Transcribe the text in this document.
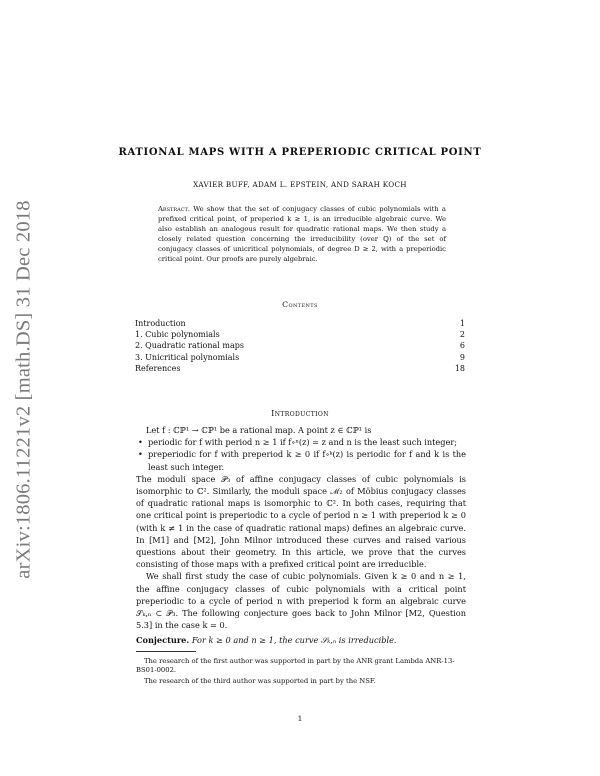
arXiv:1806.11221v2 [math.DS] 31 Dec 2018
RATIONAL MAPS WITH A PREPERIODIC CRITICAL POINT
XAVIER BUFF, ADAM L. EPSTEIN, AND SARAH KOCH
Abstract. We show that the set of conjugacy classes of cubic polynomials with a prefixed critical point, of preperiod k ≥ 1, is an irreducible algebraic curve. We also establish an analogous result for quadratic rational maps. We then study a closely related question concerning the irreducibility (over ℚ) of the set of conjugacy classes of unicritical polynomials, of degree D ≥ 2, with a preperiodic critical point. Our proofs are purely algebraic.
Contents
Introduction	1
1. Cubic polynomials	2
2. Quadratic rational maps	6
3. Unicritical polynomials	9
References	18
Introduction

Let f : ℂℙ¹ → ℂℙ¹ be a rational map. A point z ∈ ℂℙ¹ is

• periodic for f with period n ≥ 1 if f∘ⁿ(z) = z and n is the least such integer;
• preperiodic for f with preperiod k ≥ 0 if f∘ᵏ(z) is periodic for f and k is the least such integer.

The moduli space 𝒫₃ of affine conjugacy classes of cubic polynomials is isomorphic to ℂ². Similarly, the moduli space ℳ₂ of Möbius conjugacy classes of quadratic rational maps is isomorphic to ℂ². In both cases, requiring that one critical point is preperiodic to a cycle of period n ≥ 1 with preperiod k ≥ 0 (with k ≠ 1 in the case of quadratic rational maps) defines an algebraic curve. In [M1] and [M2], John Milnor introduced these curves and raised various questions about their geometry. In this article, we prove that the curves consisting of those maps with a prefixed critical point are irreducible.

We shall first study the case of cubic polynomials. Given k ≥ 0 and n ≥ 1, the affine conjugacy classes of cubic polynomials with a critical point preperiodic to a cycle of period n with preperiod k form an algebraic curve 𝒮ₖ,ₙ ⊂ 𝒫₃. The following conjecture goes back to John Milnor [M2, Question 5.3] in the case k = 0.

Conjecture. For k ≥ 0 and n ≥ 1, the curve 𝒮ₖ,ₙ is irreducible.

The research of the first author was supported in part by the ANR grant Lambda ANR-13-BS01-0002.

The research of the third author was supported in part by the NSF.

1
